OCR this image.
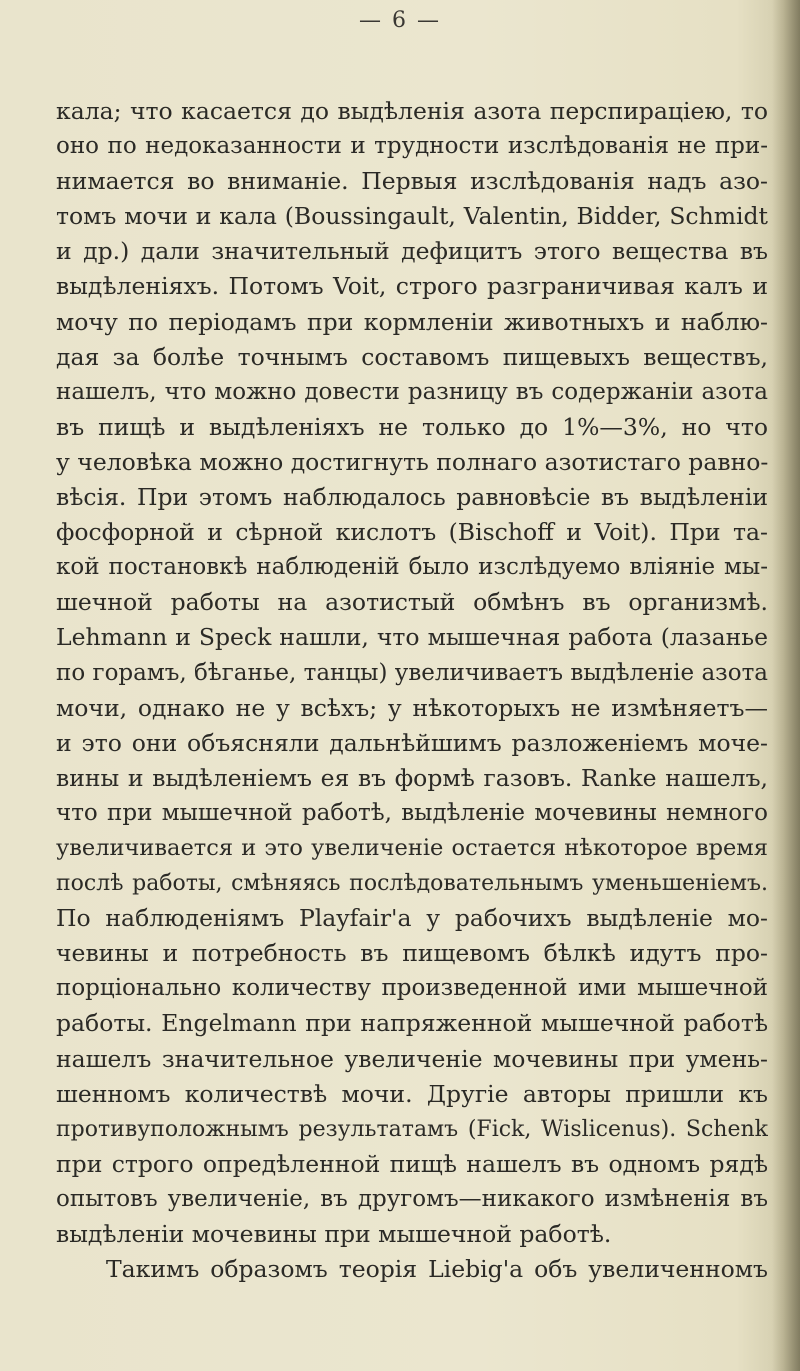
— 6 —
кала; что касается до выдѣленія азота перспираціею, то
оно по недоказанности и трудности изслѣдованія не при-
нимается во вниманіе. Первыя изслѣдованія надъ азо-
томъ мочи и кала (Boussingault, Valentin, Bidder, Schmidt
и др.) дали значительный дефицитъ этого вещества въ
выдѣленіяхъ. Потомъ Voit, строго разграничивая калъ и
мочу по періодамъ при кормленіи животныхъ и наблю-
дая за болѣе точнымъ составомъ пищевыхъ веществъ,
нашелъ, что можно довести разницу въ содержаніи азота
въ пищѣ и выдѣленіяхъ не только до 1%—3%, но что
у человѣка можно достигнуть полнаго азотистаго равно-
вѣсія. При этомъ наблюдалось равновѣсіе въ выдѣленіи
фосфорной и сѣрной кислотъ (Bischoff и Voit). При та-
кой постановкѣ наблюденій было изслѣдуемо вліяніе мы-
шечной работы на азотистый обмѣнъ въ организмѣ.
Lehmann и Speck нашли, что мышечная работа (лазанье
по горамъ, бѣганье, танцы) увеличиваетъ выдѣленіе азота
мочи, однако не у всѣхъ; у нѣкоторыхъ не измѣняетъ—
и это они объясняли дальнѣйшимъ разложеніемъ моче-
вины и выдѣленіемъ ея въ формѣ газовъ. Ranke нашелъ,
что при мышечной работѣ, выдѣленіе мочевины немного
увеличивается и это увеличеніе остается нѣкоторое время
послѣ работы, смѣняясь послѣдовательнымъ уменьшеніемъ.
По наблюденіямъ Playfair'а у рабочихъ выдѣленіе мо-
чевины и потребность въ пищевомъ бѣлкѣ идутъ про-
порціонально количеству произведенной ими мышечной
работы. Engelmann при напряженной мышечной работѣ
нашелъ значительное увеличеніе мочевины при умень-
шенномъ количествѣ мочи. Другіе авторы пришли къ
противуположнымъ результатамъ (Fick, Wislicenus). Schenk
при строго опредѣленной пищѣ нашелъ въ одномъ рядѣ
опытовъ увеличеніе, въ другомъ—никакого измѣненія въ
выдѣленіи мочевины при мышечной работѣ.
Такимъ образомъ теорія Liebig'а объ увеличенномъ
